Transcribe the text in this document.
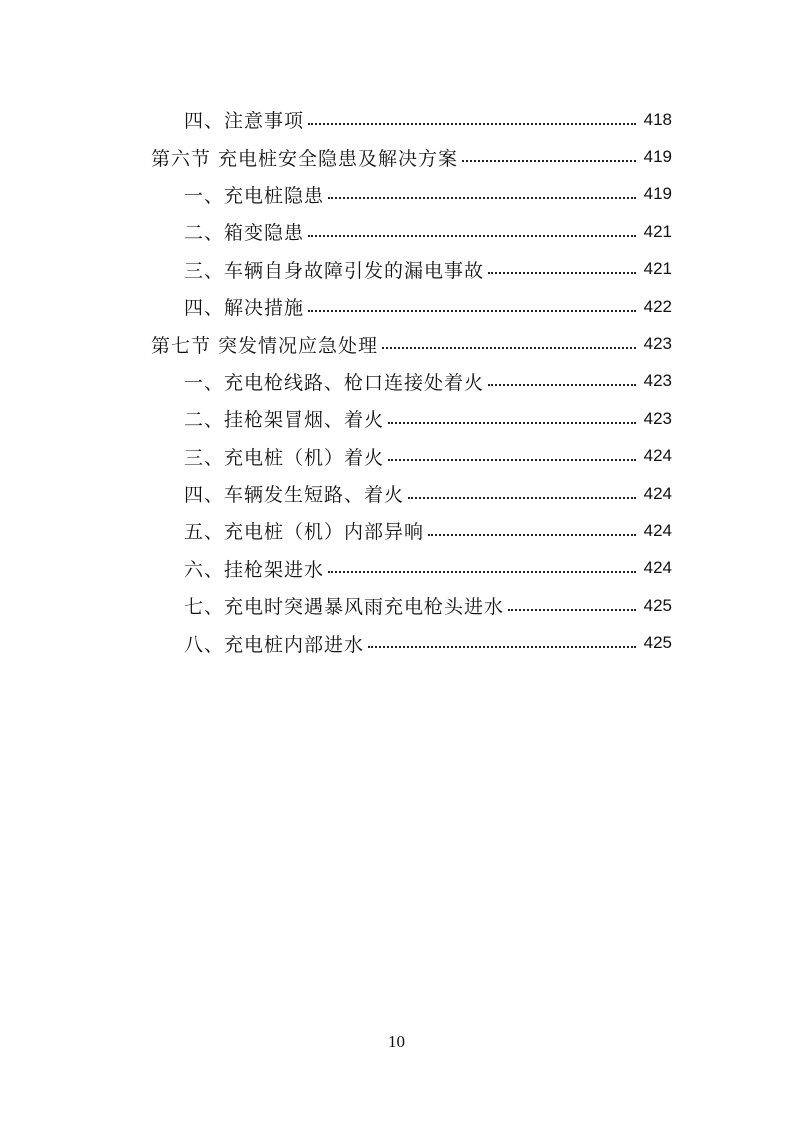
四、注意事项	418
第六节 充电桩安全隐患及解决方案	419
一、充电桩隐患	419
二、箱变隐患	421
三、车辆自身故障引发的漏电事故	421
四、解决措施	422
第七节 突发情况应急处理	423
一、充电枪线路、枪口连接处着火	423
二、挂枪架冒烟、着火	423
三、充电桩（机）着火	424
四、车辆发生短路、着火	424
五、充电桩（机）内部异响	424
六、挂枪架进水	424
七、充电时突遇暴风雨充电枪头进水	425
八、充电桩内部进水	425
10
